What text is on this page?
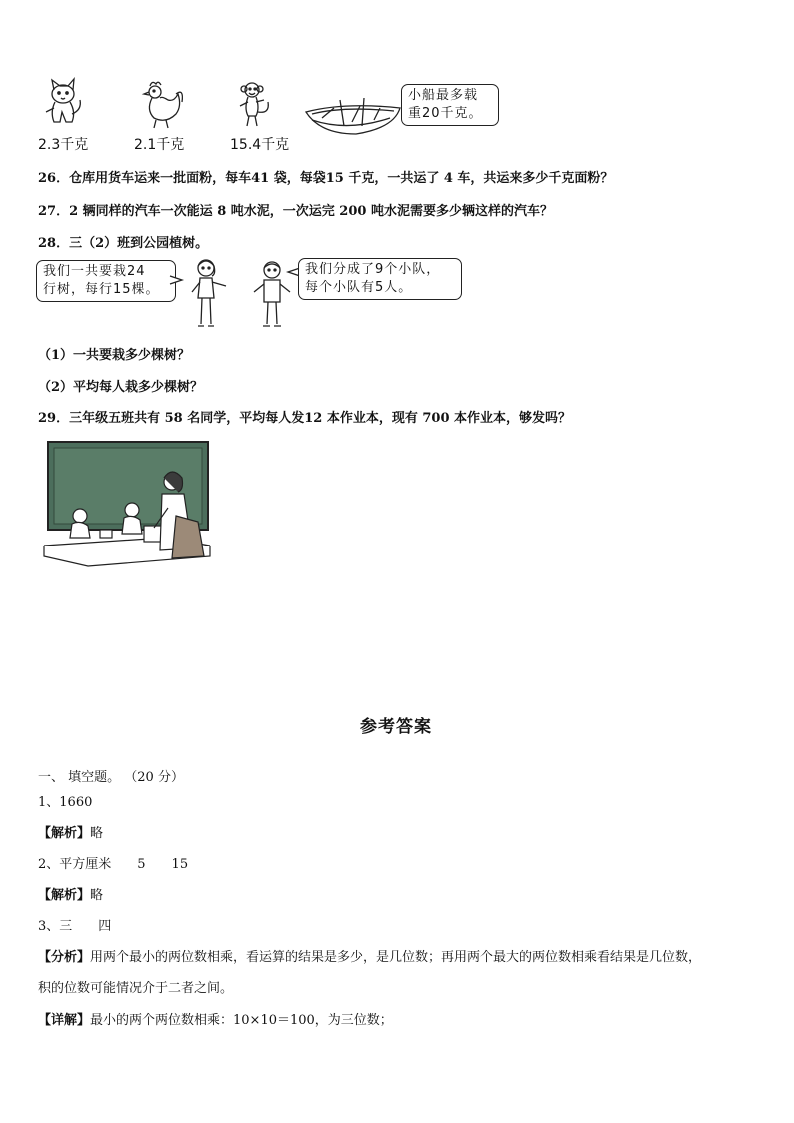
小船最多载
重20千克。
2.3千克	2.1千克	15.4千克
26．仓库用货车运来一批面粉，每车41 袋，每袋15 千克，一共运了 4 车，共运来多少千克面粉？
27．2 辆同样的汽车一次能运 8 吨水泥，一次运完 200 吨水泥需要多少辆这样的汽车？
28．三（2）班到公园植树。
我们一共要栽24
行树，每行15棵。
我们分成了9个小队，
每个小队有5人。
（1）一共要栽多少棵树？
（2）平均每人栽多少棵树？
29．三年级五班共有 58 名同学，平均每人发12 本作业本，现有 700 本作业本，够发吗？
参考答案
一、 填空题。 （20 分）
1、1660
【解析】略
2、平方厘米　　5　　15
【解析】略
3、三　　四
【分析】用两个最小的两位数相乘，看运算的结果是多少，是几位数；再用两个最大的两位数相乘看结果是几位数，
积的位数可能情况介于二者之间。
【详解】最小的两个两位数相乘：10×10＝100，为三位数；
